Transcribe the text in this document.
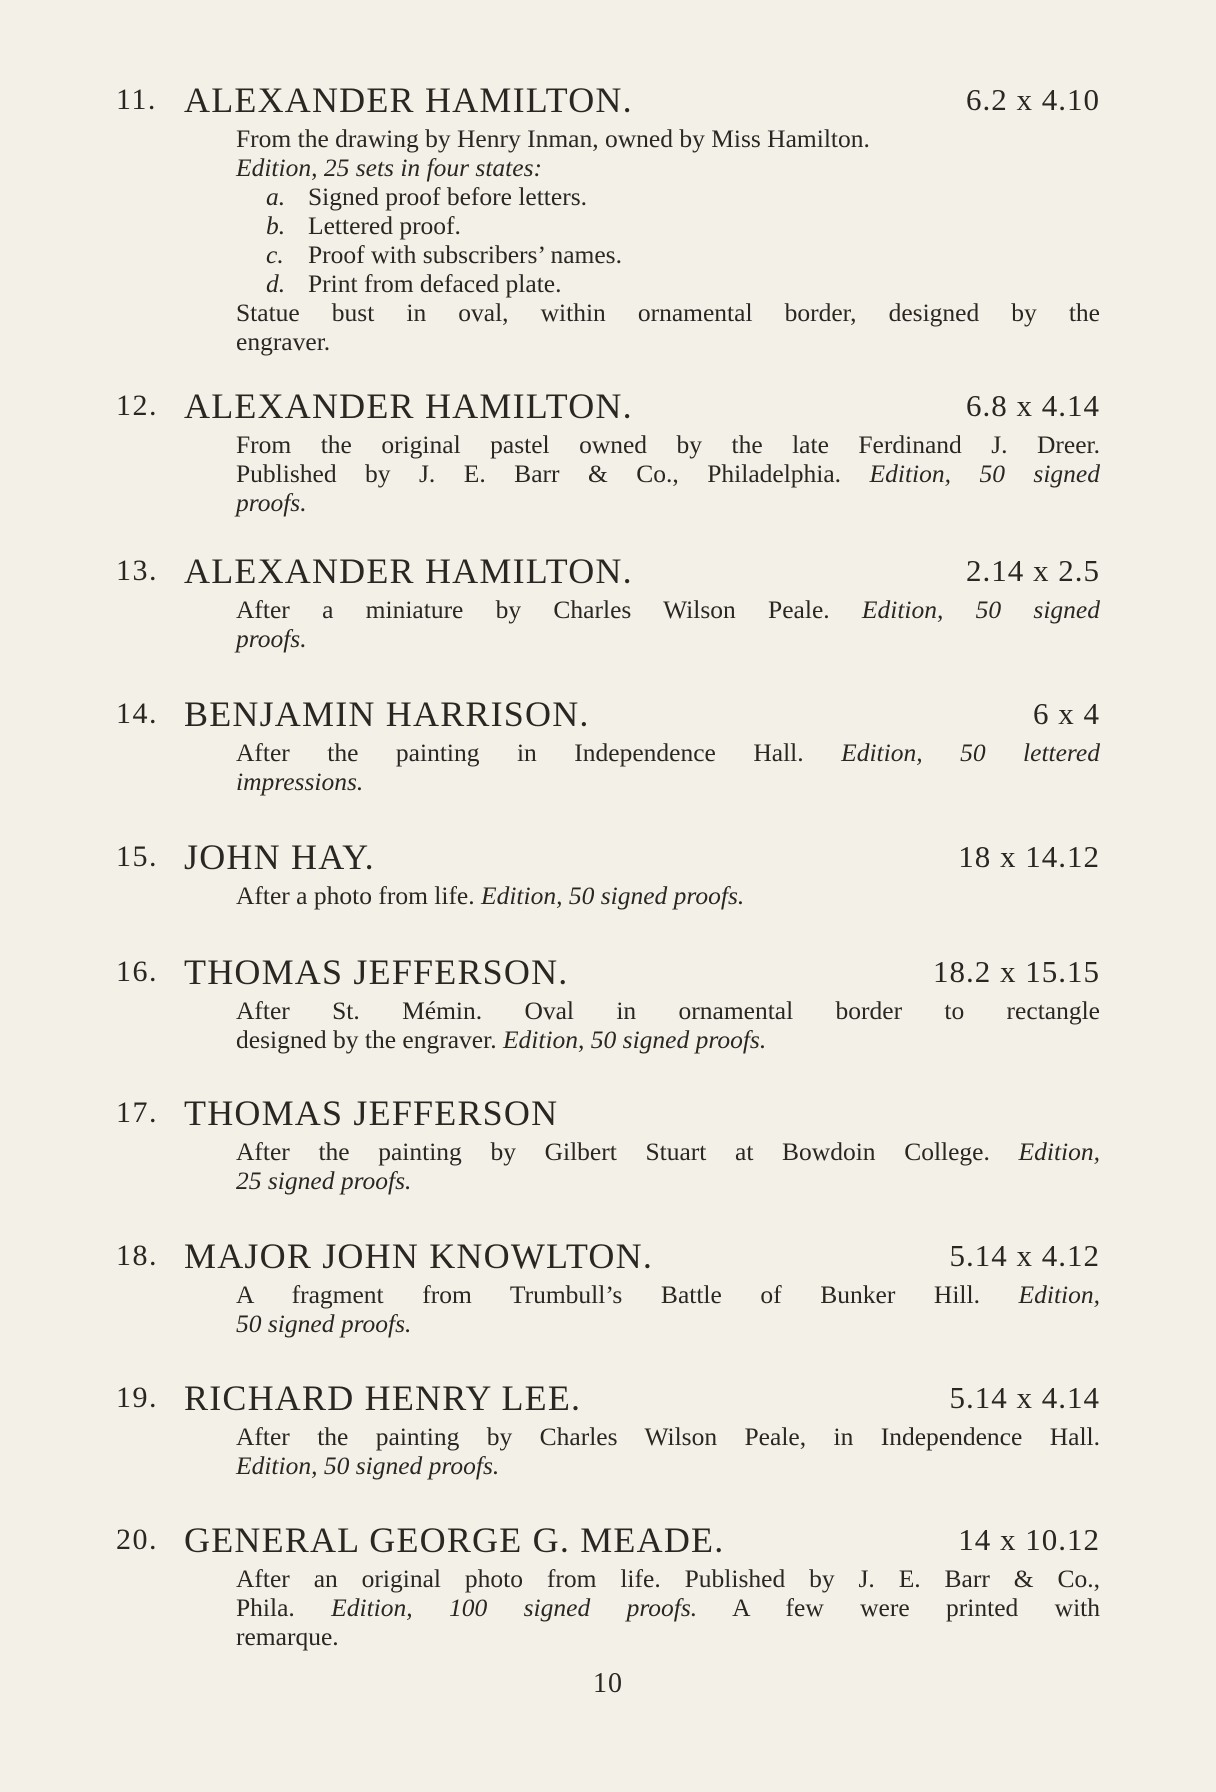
11. ALEXANDER HAMILTON.	6.2 x 4.10
From the drawing by Henry Inman, owned by Miss Hamilton.
Edition, 25 sets in four states:
a. Signed proof before letters.
b. Lettered proof.
c. Proof with subscribers’ names.
d. Print from defaced plate.
Statue bust in oval, within ornamental border, designed by the
engraver.
12. ALEXANDER HAMILTON.	6.8 x 4.14
From the original pastel owned by the late Ferdinand J. Dreer.
Published by J. E. Barr & Co., Philadelphia. Edition, 50 signed
proofs.
13. ALEXANDER HAMILTON.	2.14 x 2.5
After a miniature by Charles Wilson Peale. Edition, 50 signed
proofs.
14. BENJAMIN HARRISON.	6 x 4
After the painting in Independence Hall. Edition, 50 lettered
impressions.
15. JOHN HAY.	18 x 14.12
After a photo from life. Edition, 50 signed proofs.
16. THOMAS JEFFERSON.	18.2 x 15.15
After St. Mémin. Oval in ornamental border to rectangle
designed by the engraver. Edition, 50 signed proofs.
17. THOMAS JEFFERSON
After the painting by Gilbert Stuart at Bowdoin College. Edition,
25 signed proofs.
18. MAJOR JOHN KNOWLTON.	5.14 x 4.12
A fragment from Trumbull’s Battle of Bunker Hill. Edition,
50 signed proofs.
19. RICHARD HENRY LEE.	5.14 x 4.14
After the painting by Charles Wilson Peale, in Independence Hall.
Edition, 50 signed proofs.
20. GENERAL GEORGE G. MEADE.	14 x 10.12
After an original photo from life. Published by J. E. Barr & Co.,
Phila. Edition, 100 signed proofs. A few were printed with
remarque.
10
